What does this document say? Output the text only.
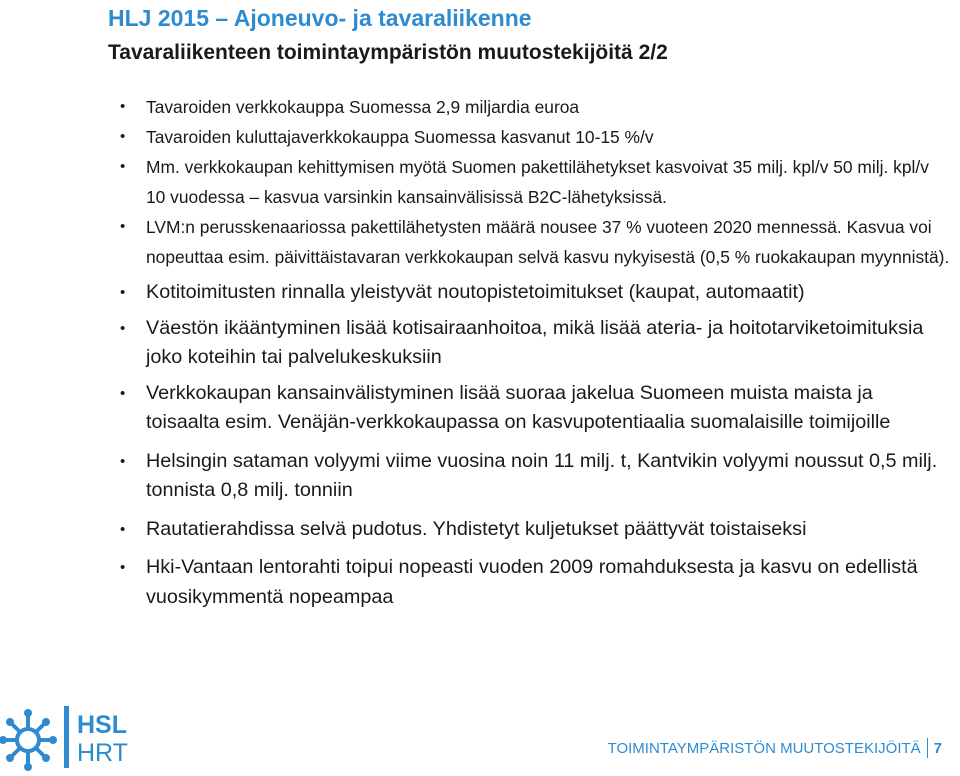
HLJ 2015 – Ajoneuvo- ja tavaraliikenne
Tavaraliikenteen toimintaympäristön muutostekijöitä 2/2
• Tavaroiden verkkokauppa Suomessa 2,9 miljardia euroa
• Tavaroiden kuluttajaverkkokauppa Suomessa kasvanut 10-15 %/v
• Mm. verkkokaupan kehittymisen myötä Suomen pakettilähetykset kasvoivat 35 milj. kpl/v 50 milj. kpl/v 10 vuodessa – kasvua varsinkin kansainvälisissä B2C-lähetyksissä.
• LVM:n perusskenaariossa pakettilähetysten määrä nousee 37 % vuoteen 2020 mennessä. Kasvua voi nopeuttaa esim. päivittäistavaran verkkokaupan selvä kasvu nykyisestä (0,5 % ruokakaupan myynnistä).
• Kotitoimitusten rinnalla yleistyvät noutopistetoimitukset (kaupat, automaatit)
• Väestön ikääntyminen lisää kotisairaanhoitoa, mikä lisää ateria- ja hoitotarviketoimituksia joko koteihin tai palvelukeskuksiin
• Verkkokaupan kansainvälistyminen lisää suoraa jakelua Suomeen muista maista ja toisaalta esim. Venäjän-verkkokaupassa on kasvupotentiaalia suomalaisille toimijoille
• Helsingin sataman volyymi viime vuosina noin 11 milj. t, Kantvikin volyymi noussut 0,5 milj. tonnista 0,8 milj. tonniin
• Rautatierahdissa selvä pudotus. Yhdistetyt kuljetukset päättyvät toistaiseksi
• Hki-Vantaan lentorahti toipui nopeasti vuoden 2009 romahduksesta ja kasvu on edellistä vuosikymmentä nopeampaa
HSL
HRT	TOIMINTAYMPÄRISTÖN MUUTOSTEKIJÖITÄ 7
